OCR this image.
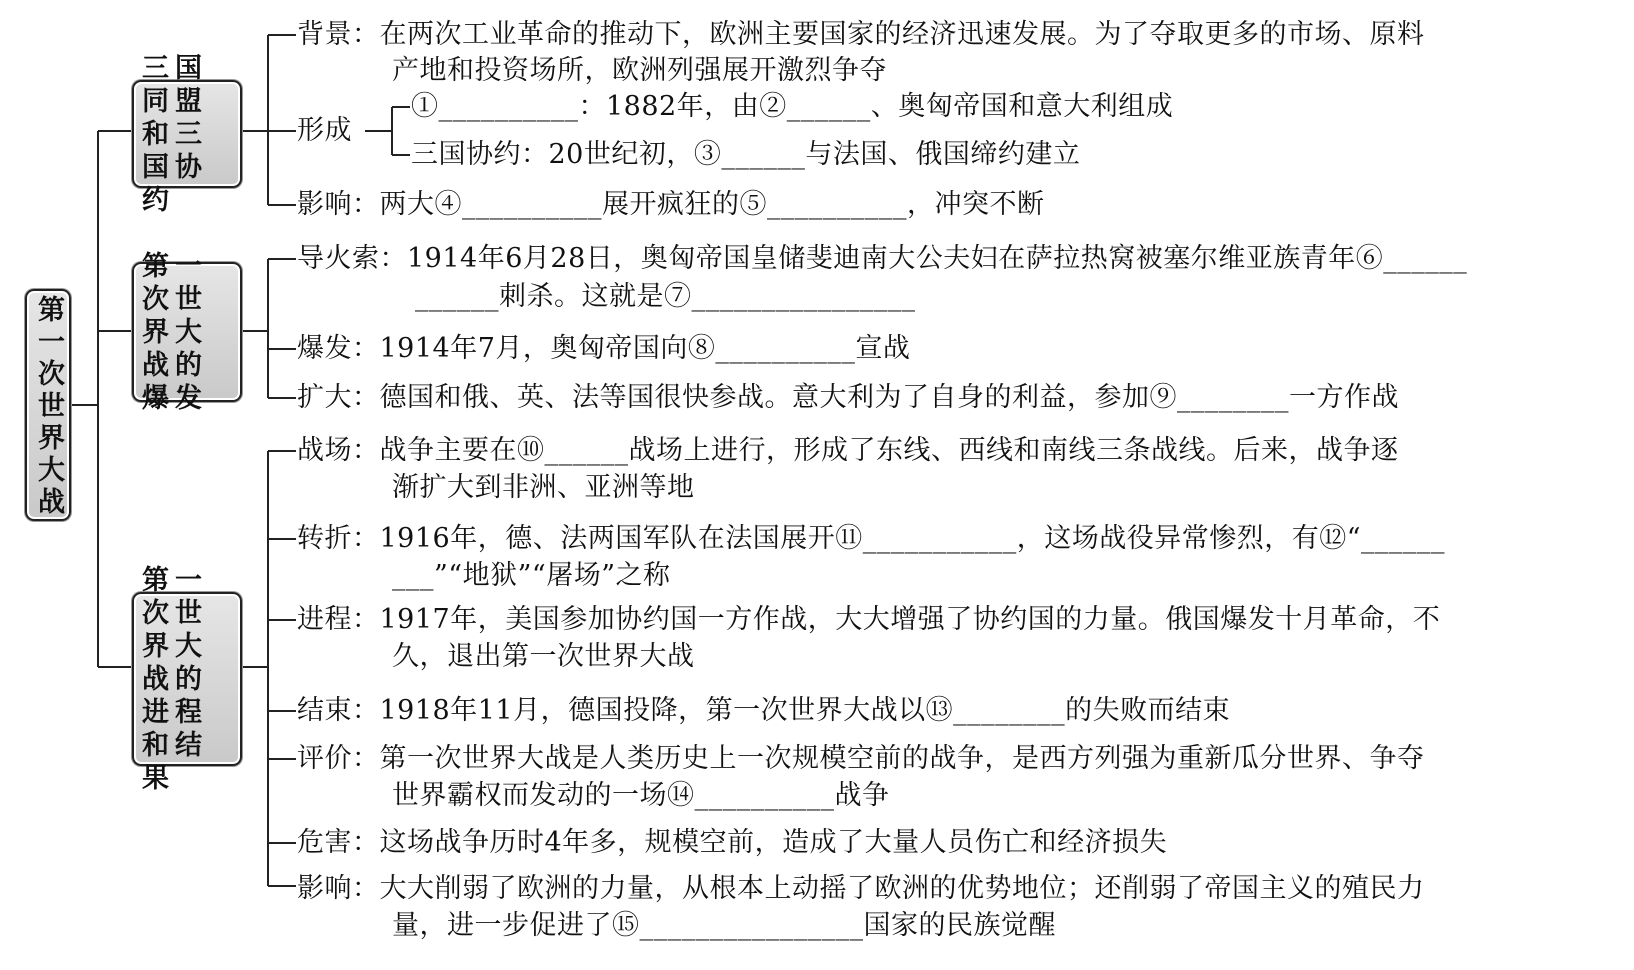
第一次世界大战
三国同盟和三国协约
第一次世界大战的爆发
第一次世界大战的进程和结果
背景：在两次工业革命的推动下，欧洲主要国家的经济迅速发展。为了夺取更多的市场、原料
产地和投资场所，欧洲列强展开激烈争夺
形成
①__________：1882年，由②______、奥匈帝国和意大利组成
三国协约：20世纪初，③______与法国、俄国缔约建立
影响：两大④__________展开疯狂的⑤__________，冲突不断
导火索：1914年6月28日，奥匈帝国皇储斐迪南大公夫妇在萨拉热窝被塞尔维亚族青年⑥______
______刺杀。这就是⑦________________
爆发：1914年7月，奥匈帝国向⑧__________宣战
扩大：德国和俄、英、法等国很快参战。意大利为了自身的利益，参加⑨________一方作战
战场：战争主要在⑩______战场上进行，形成了东线、西线和南线三条战线。后来，战争逐
渐扩大到非洲、亚洲等地
转折：1916年，德、法两国军队在法国展开⑪___________，这场战役异常惨烈，有⑫“______
___”“地狱”“屠场”之称
进程：1917年，美国参加协约国一方作战，大大增强了协约国的力量。俄国爆发十月革命，不
久，退出第一次世界大战
结束：1918年11月，德国投降，第一次世界大战以⑬________的失败而结束
评价：第一次世界大战是人类历史上一次规模空前的战争，是西方列强为重新瓜分世界、争夺
世界霸权而发动的一场⑭__________战争
危害：这场战争历时4年多，规模空前，造成了大量人员伤亡和经济损失
影响：大大削弱了欧洲的力量，从根本上动摇了欧洲的优势地位；还削弱了帝国主义的殖民力
量，进一步促进了⑮________________国家的民族觉醒
